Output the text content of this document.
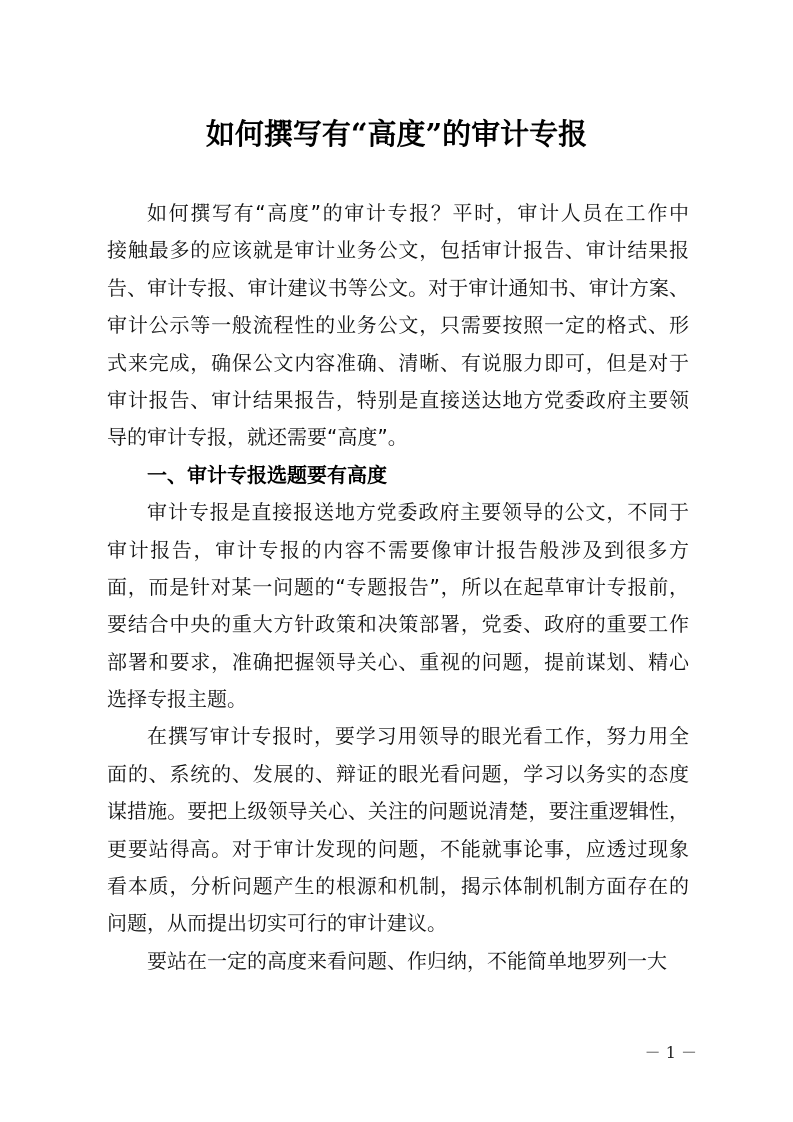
如何撰写有“高度”的审计专报
如何撰写有“高度”的审计专报？平时，审计人员在工作中
接触最多的应该就是审计业务公文，包括审计报告、审计结果报
告、审计专报、审计建议书等公文。对于审计通知书、审计方案、
审计公示等一般流程性的业务公文，只需要按照一定的格式、形
式来完成，确保公文内容准确、清晰、有说服力即可，但是对于
审计报告、审计结果报告，特别是直接送达地方党委政府主要领
导的审计专报，就还需要“高度”。
一、审计专报选题要有高度
审计专报是直接报送地方党委政府主要领导的公文，不同于
审计报告，审计专报的内容不需要像审计报告般涉及到很多方
面，而是针对某一问题的“专题报告”，所以在起草审计专报前，
要结合中央的重大方针政策和决策部署，党委、政府的重要工作
部署和要求，准确把握领导关心、重视的问题，提前谋划、精心
选择专报主题。
在撰写审计专报时，要学习用领导的眼光看工作，努力用全
面的、系统的、发展的、辩证的眼光看问题，学习以务实的态度
谋措施。要把上级领导关心、关注的问题说清楚，要注重逻辑性，
更要站得高。对于审计发现的问题，不能就事论事，应透过现象
看本质，分析问题产生的根源和机制，揭示体制机制方面存在的
问题，从而提出切实可行的审计建议。
要站在一定的高度来看问题、作归纳，不能简单地罗列一大
－ 1 －
